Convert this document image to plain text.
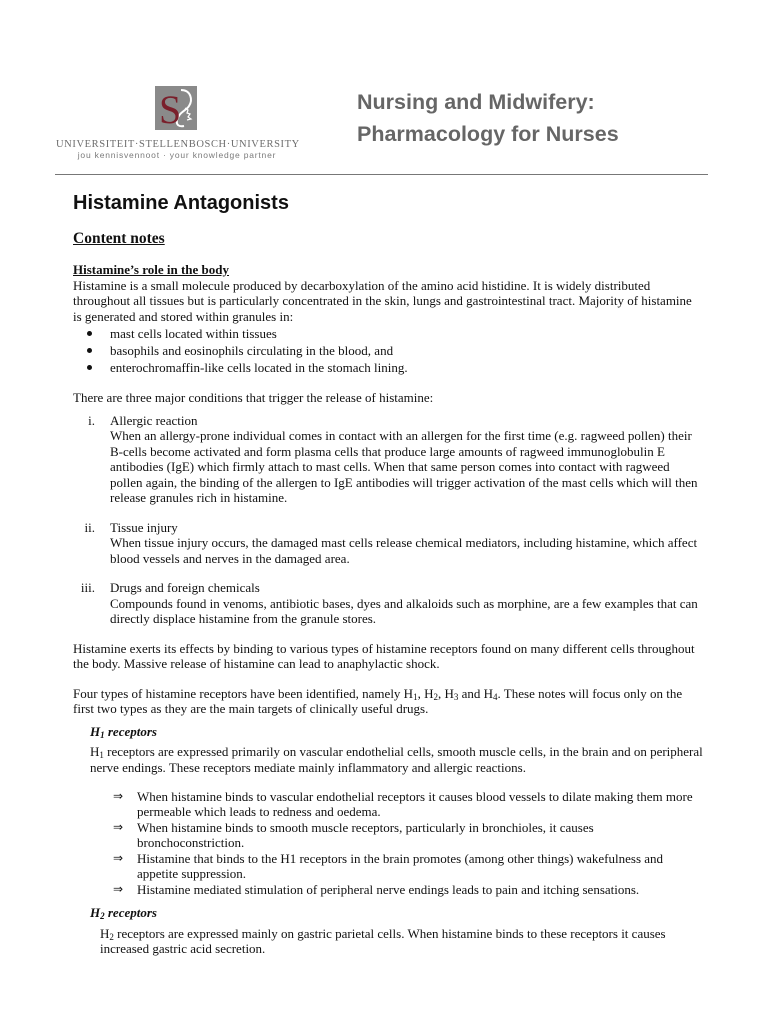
S
UNIVERSITEIT·STELLENBOSCH·UNIVERSITY
jou kennisvennoot · your knowledge partner
Nursing and Midwifery:
Pharmacology for Nurses
Histamine Antagonists
Content notes

Histamine’s role in the body

Histamine is a small molecule produced by decarboxylation of the amino acid histidine. It is widely distributed throughout all tissues but is particularly concentrated in the skin, lungs and gastrointestinal tract. Majority of histamine is generated and stored within granules in:

mast cells located within tissues
basophils and eosinophils circulating in the blood, and
enterochromaffin-like cells located in the stomach lining.

There are three major conditions that trigger the release of histamine:

i. Allergic reaction
When an allergy-prone individual comes in contact with an allergen for the first time (e.g. ragweed pollen) their B-cells become activated and form plasma cells that produce large amounts of ragweed immunoglobulin E antibodies (IgE) which firmly attach to mast cells. When that same person comes into contact with ragweed pollen again, the binding of the allergen to IgE antibodies will trigger activation of the mast cells which will then release granules rich in histamine.
ii. Tissue injury
When tissue injury occurs, the damaged mast cells release chemical mediators, including histamine, which affect blood vessels and nerves in the damaged area.
iii. Drugs and foreign chemicals
Compounds found in venoms, antibiotic bases, dyes and alkaloids such as morphine, are a few examples that can directly displace histamine from the granule stores.

Histamine exerts its effects by binding to various types of histamine receptors found on many different cells throughout the body. Massive release of histamine can lead to anaphylactic shock.

Four types of histamine receptors have been identified, namely $H_1$, $H_2$, $H_3$ and $H_4$. These notes will focus only on the first two types as they are the main targets of clinically useful drugs.

$H_1$ receptors

$H_1$ receptors are expressed primarily on vascular endothelial cells, smooth muscle cells, in the brain and on peripheral nerve endings. These receptors mediate mainly inflammatory and allergic reactions.

⇒ When histamine binds to vascular endothelial receptors it causes blood vessels to dilate making them more permeable which leads to redness and oedema.
⇒ When histamine binds to smooth muscle receptors, particularly in bronchioles, it causes bronchoconstriction.
⇒ Histamine that binds to the H1 receptors in the brain promotes (among other things) wakefulness and appetite suppression.
⇒ Histamine mediated stimulation of peripheral nerve endings leads to pain and itching sensations.

$H_2$ receptors

$H_2$ receptors are expressed mainly on gastric parietal cells. When histamine binds to these receptors it causes increased gastric acid secretion.
